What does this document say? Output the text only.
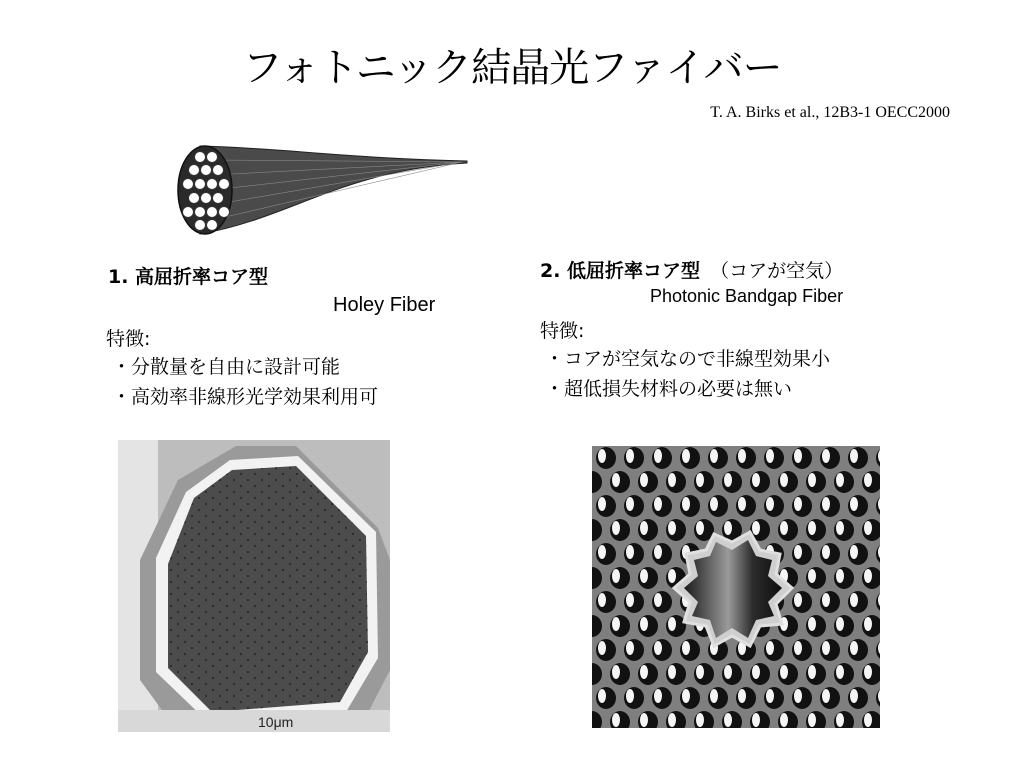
フォトニック結晶光ファイバー
T. A. Birks et al., 12B3-1 OECC2000
1. 高屈折率コア型
Holey Fiber
特徴:
・分散量を自由に設計可能
・高効率非線形光学効果利用可
2. 低屈折率コア型 （コアが空気）
Photonic Bandgap Fiber
特徴:
・コアが空気なので非線型効果小
・超低損失材料の必要は無い
10μm
